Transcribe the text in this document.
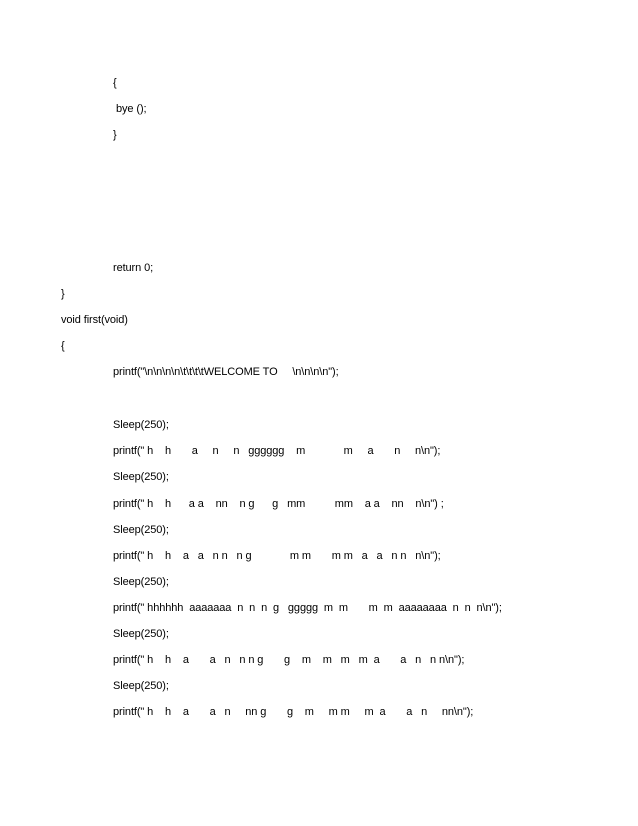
{
bye ();
}
return 0;
}
void first(void)
{
printf("\n\n\n\n\t\t\t\tWELCOME TO     \n\n\n\n");
Sleep(250);
printf(" h    h       a     n     n   gggggg    m             m     a       n     n\n");
Sleep(250);
printf(" h    h      a a    nn    n g      g   mm          mm    a a    nn    n\n") ;
Sleep(250);
printf(" h    h    a   a   n n   n g             m m       m m   a   a   n n   n\n");
Sleep(250);
printf(" hhhhhh  aaaaaaa  n  n  n  g   ggggg  m  m       m  m  aaaaaaaa  n  n  n\n");
Sleep(250);
printf(" h    h    a       a   n   n n g       g    m    m   m   m  a       a   n   n n\n");
Sleep(250);
printf(" h    h    a       a   n     nn g       g    m     m m     m  a       a   n     nn\n");
